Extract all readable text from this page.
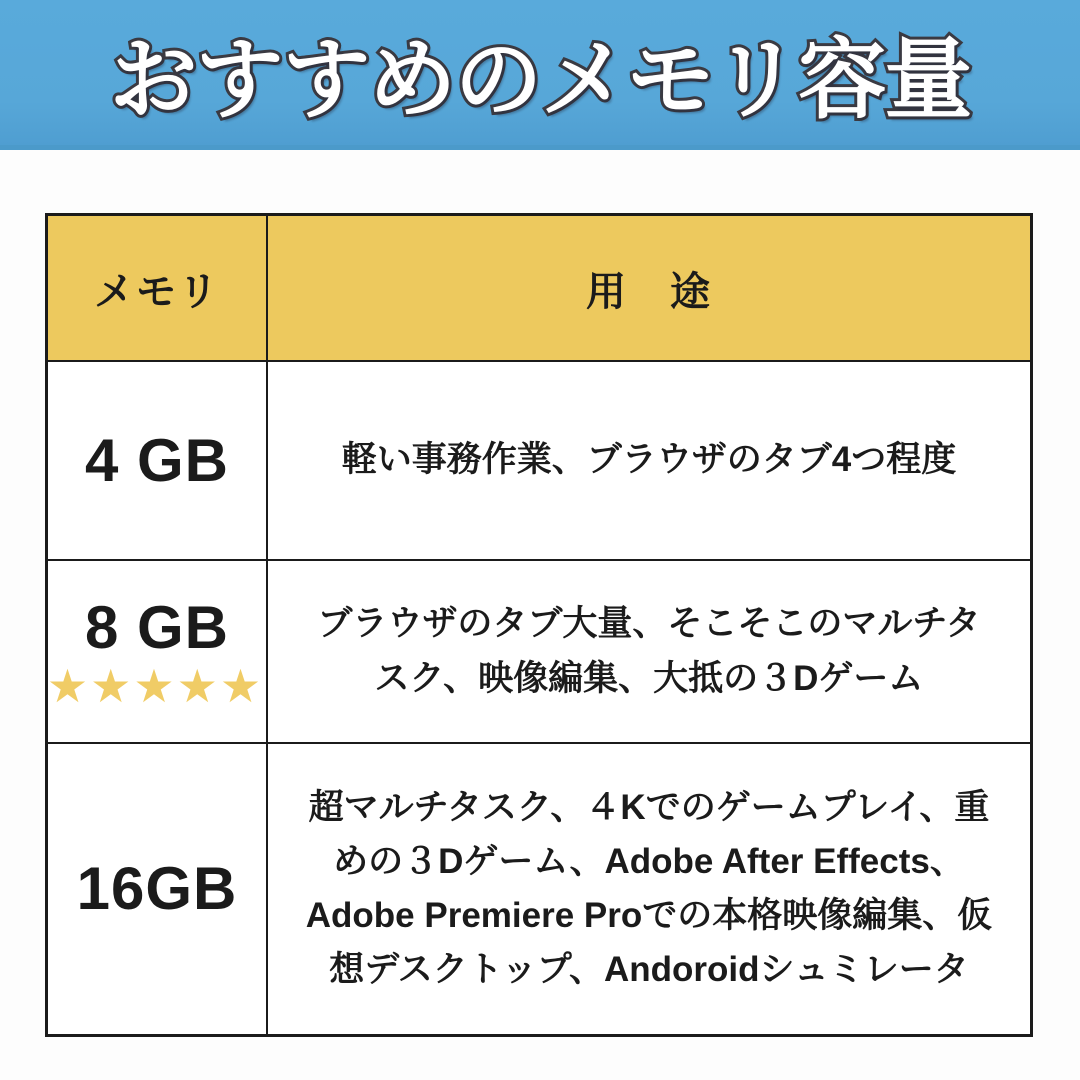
おすすめのメモリ容量
メモリ	用　途
4 GB	軽い事務作業、ブラウザのタブ4つ程度
8 GB
★★★★★
ブラウザのタブ大量、そこそこのマルチタスク、映像編集、大抵の３Dゲーム
16GB
超マルチタスク、４Kでのゲームプレイ、重めの３Dゲーム、Adobe After Effects、Adobe Premiere Proでの本格映像編集、仮想デスクトップ、Andoroidシュミレータ
